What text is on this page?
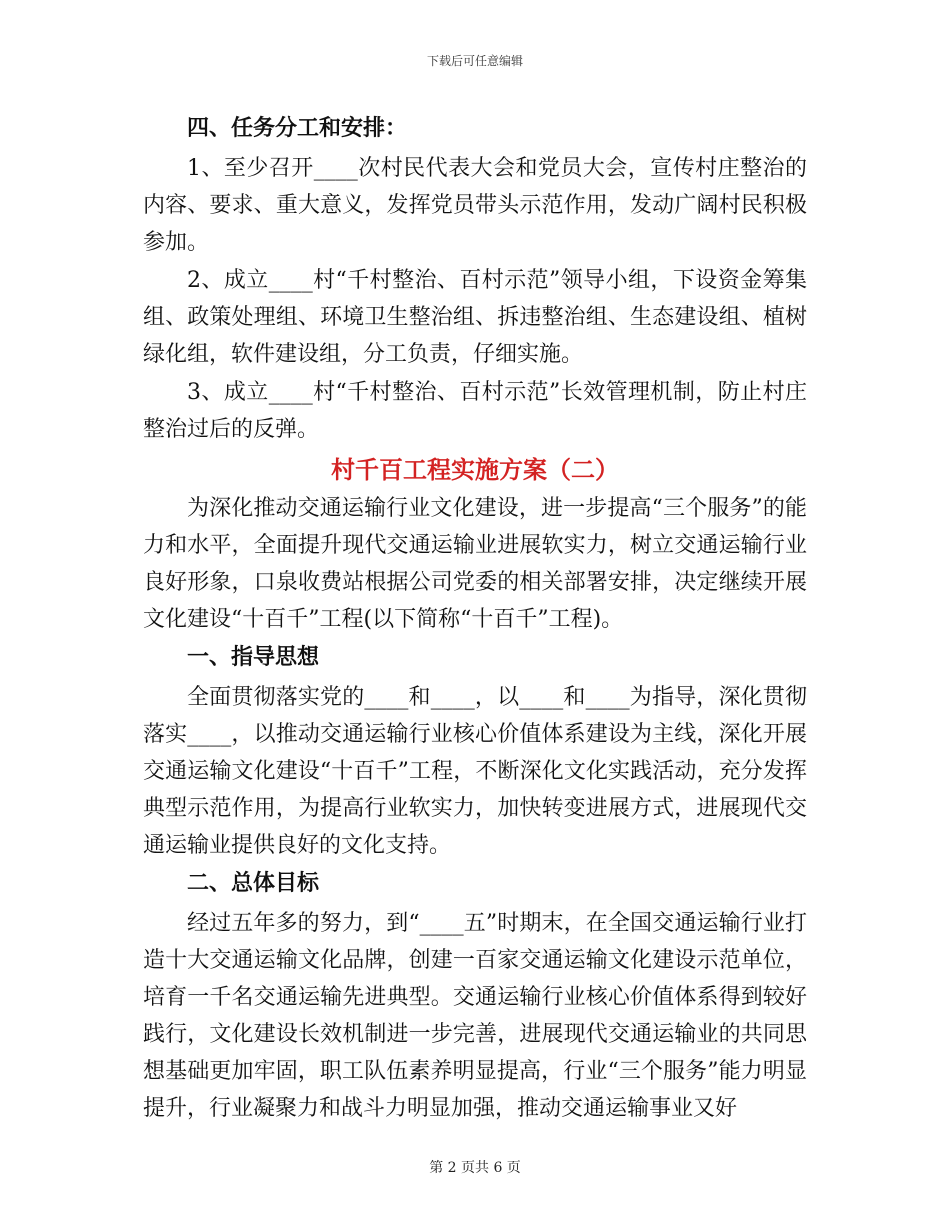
下载后可任意编辑

四、任务分工和安排：

1、至少召开____次村民代表大会和党员大会，宣传村庄整治的内容、要求、重大意义，发挥党员带头示范作用，发动广阔村民积极参加。

2、成立____村“千村整治、百村示范”领导小组，下设资金筹集组、政策处理组、环境卫生整治组、拆违整治组、生态建设组、植树绿化组，软件建设组，分工负责，仔细实施。

3、成立____村“千村整治、百村示范”长效管理机制，防止村庄整治过后的反弹。

村千百工程实施方案（二）

为深化推动交通运输行业文化建设，进一步提高“三个服务”的能力和水平，全面提升现代交通运输业进展软实力，树立交通运输行业良好形象，口泉收费站根据公司党委的相关部署安排，决定继续开展文化建设“十百千”工程(以下简称“十百千”工程)。

一、指导思想

全面贯彻落实党的____和____，以____和____为指导，深化贯彻落实____，以推动交通运输行业核心价值体系建设为主线，深化开展交通运输文化建设“十百千”工程，不断深化文化实践活动，充分发挥典型示范作用，为提高行业软实力，加快转变进展方式，进展现代交通运输业提供良好的文化支持。

二、总体目标

经过五年多的努力，到“____五”时期末，在全国交通运输行业打造十大交通运输文化品牌，创建一百家交通运输文化建设示范单位，培育一千名交通运输先进典型。交通运输行业核心价值体系得到较好践行，文化建设长效机制进一步完善，进展现代交通运输业的共同思想基础更加牢固，职工队伍素养明显提高，行业“三个服务”能力明显提升，行业凝聚力和战斗力明显加强，推动交通运输事业又好

第 2 页共 6 页
